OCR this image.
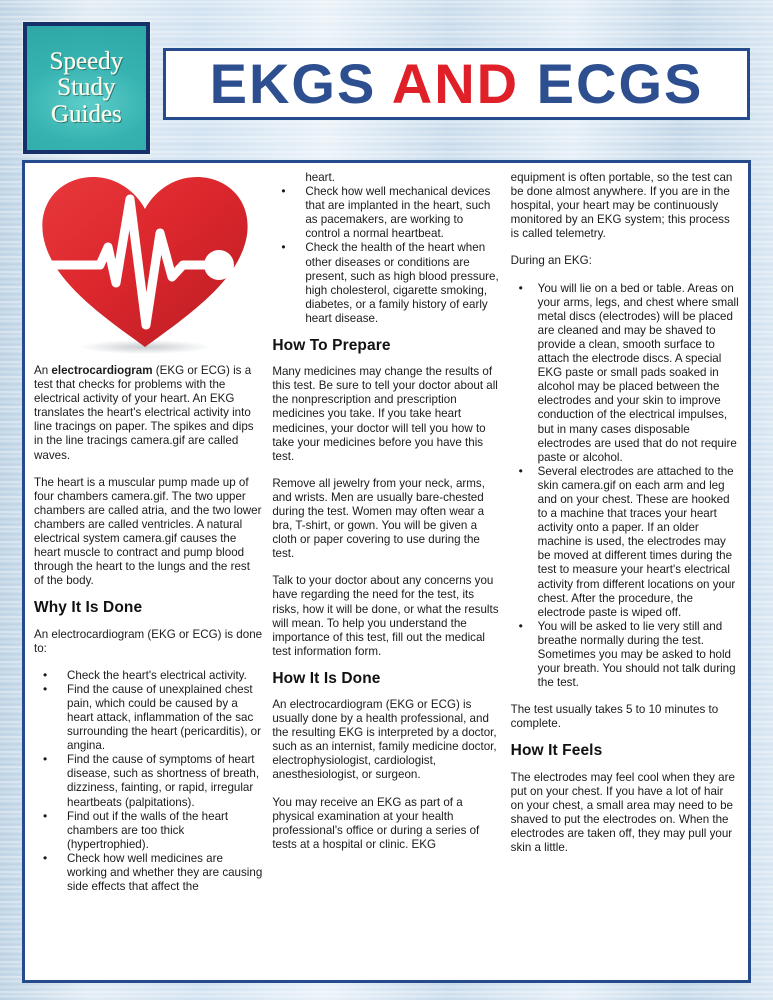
Speedy
Study
Guides EKGS AND ECGS

An electrocardiogram (EKG or ECG) is a test that checks for problems with the electrical activity of your heart. An EKG translates the heart's electrical activity into line tracings on paper. The spikes and dips in the line tracings camera.gif are called waves.

The heart is a muscular pump made up of four chambers camera.gif. The two upper chambers are called atria, and the two lower chambers are called ventricles. A natural electrical system camera.gif causes the heart muscle to contract and pump blood through the heart to the lungs and the rest of the body.

Why It Is Done

An electrocardiogram (EKG or ECG) is done to:

• Check the heart's electrical activity.
• Find the cause of unexplained chest pain, which could be caused by a heart attack, inflammation of the sac surrounding the heart (pericarditis), or angina.
• Find the cause of symptoms of heart disease, such as shortness of breath, dizziness, fainting, or rapid, irregular heartbeats (palpitations).
• Find out if the walls of the heart chambers are too thick (hypertrophied).
• Check how well medicines are working and whether they are causing side effects that affect the

heart.

• Check how well mechanical devices that are implanted in the heart, such as pacemakers, are working to control a normal heartbeat.
• Check the health of the heart when other diseases or conditions are present, such as high blood pressure, high cholesterol, cigarette smoking, diabetes, or a family history of early heart disease.
How To Prepare

Many medicines may change the results of this test. Be sure to tell your doctor about all the nonprescription and prescription medicines you take. If you take heart medicines, your doctor will tell you how to take your medicines before you have this test.

Remove all jewelry from your neck, arms, and wrists. Men are usually bare-chested during the test. Women may often wear a bra, T-shirt, or gown. You will be given a cloth or paper covering to use during the test.

Talk to your doctor about any concerns you have regarding the need for the test, its risks, how it will be done, or what the results will mean. To help you understand the importance of this test, fill out the medical test information form.

How It Is Done

An electrocardiogram (EKG or ECG) is usually done by a health professional, and the resulting EKG is interpreted by a doctor, such as an internist, family medicine doctor, electrophysiologist, cardiologist, anesthesiologist, or surgeon.

You may receive an EKG as part of a physical examination at your health professional's office or during a series of tests at a hospital or clinic. EKG

equipment is often portable, so the test can be done almost anywhere. If you are in the hospital, your heart may be continuously monitored by an EKG system; this process is called telemetry.

During an EKG:

• You will lie on a bed or table. Areas on your arms, legs, and chest where small metal discs (electrodes) will be placed are cleaned and may be shaved to provide a clean, smooth surface to attach the electrode discs. A special EKG paste or small pads soaked in alcohol may be placed between the electrodes and your skin to improve conduction of the electrical impulses, but in many cases disposable electrodes are used that do not require paste or alcohol.
• Several electrodes are attached to the skin camera.gif on each arm and leg and on your chest. These are hooked to a machine that traces your heart activity onto a paper. If an older machine is used, the electrodes may be moved at different times during the test to measure your heart's electrical activity from different locations on your chest. After the procedure, the electrode paste is wiped off.
• You will be asked to lie very still and breathe normally during the test. Sometimes you may be asked to hold your breath. You should not talk during the test.

The test usually takes 5 to 10 minutes to complete.

How It Feels

The electrodes may feel cool when they are put on your chest. If you have a lot of hair on your chest, a small area may need to be shaved to put the electrodes on. When the electrodes are taken off, they may pull your skin a little.
